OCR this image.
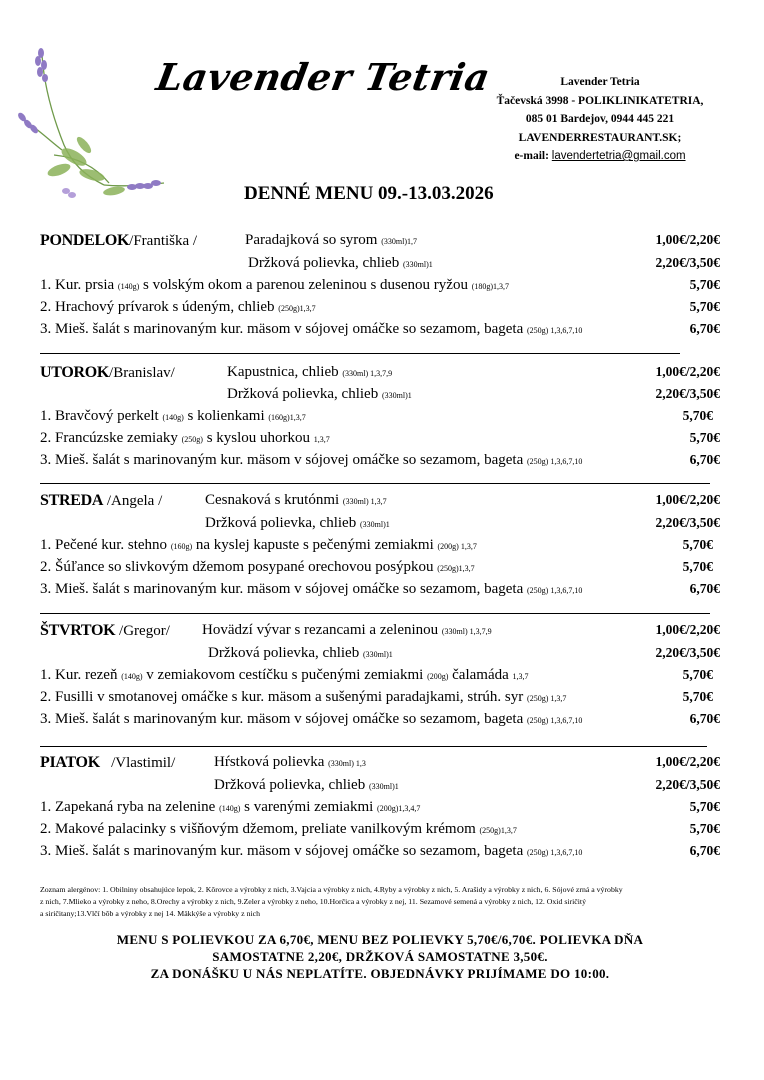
Lavender Tetria	Lavender Tetria
Ťačevská 3998 - POLIKLINIKATETRIA,
085 01 Bardejov, 0944 445 221
LAVENDERRESTAURANT.SK;
e-mail: lavendertetria@gmail.com
DENNÉ MENU 09.-13.03.2026
PONDELOK/Františka /	Paradajková so syrom (330ml)1,7	1,00€/2,20€
Držková polievka, chlieb (330ml)1	2,20€/3,50€
1. Kur. prsia (140g) s volským okom a parenou zeleninou s dusenou ryžou (180g)1,3,7	5,70€
2. Hrachový prívarok s údeným, chlieb (250g)1,3,7	5,70€
3. Mieš. šalát s marinovaným kur. mäsom v sójovej omáčke so sezamom, bageta (250g) 1,3,6,7,10	6,70€
UTOROK/Branislav/	Kapustnica, chlieb (330ml) 1,3,7,9	1,00€/2,20€
Držková polievka, chlieb (330ml)1	2,20€/3,50€
1. Bravčový perkelt (140g) s kolienkami (160g)1,3,7	5,70€
2. Francúzske zemiaky (250g) s kyslou uhorkou 1,3,7	5,70€
3. Mieš. šalát s marinovaným kur. mäsom v sójovej omáčke so sezamom, bageta (250g) 1,3,6,7,10	6,70€
STREDA /Angela /	Cesnaková s krutónmi (330ml) 1,3,7	1,00€/2,20€
Držková polievka, chlieb (330ml)1	2,20€/3,50€
1. Pečené kur. stehno (160g) na kyslej kapuste s pečenými zemiakmi (200g) 1,3,7	5,70€
2. Šúľance so slivkovým džemom posypané orechovou posýpkou (250g)1,3,7	5,70€
3. Mieš. šalát s marinovaným kur. mäsom v sójovej omáčke so sezamom, bageta (250g) 1,3,6,7,10	6,70€
ŠTVRTOK /Gregor/ Hovädzí vývar s rezancami a zeleninou (330ml) 1,3,7,9	1,00€/2,20€
Držková polievka, chlieb (330ml)1	2,20€/3,50€
1. Kur. rezeň (140g) v zemiakovom cestíčku s pučenými zemiakmi (200g) čalamáda 1,3,7	5,70€
2. Fusilli v smotanovej omáčke s kur. mäsom a sušenými paradajkami, strúh. syr (250g) 1,3,7	5,70€
3. Mieš. šalát s marinovaným kur. mäsom v sójovej omáčke so sezamom, bageta (250g) 1,3,6,7,10	6,70€
PIATOK /Vlastimil/	Hŕstková polievka (330ml) 1,3	1,00€/2,20€
Držková polievka, chlieb (330ml)1	2,20€/3,50€
1. Zapekaná ryba na zelenine (140g) s varenými zemiakmi (200g)1,3,4,7	5,70€
2. Makové palacinky s višňovým džemom, preliate vanilkovým krémom (250g)1,3,7	5,70€
3. Mieš. šalát s marinovaným kur. mäsom v sójovej omáčke so sezamom, bageta (250g) 1,3,6,7,10	6,70€
Zoznam alergénov: 1. Obilniny obsahujúce lepok, 2. Kôrovce a výrobky z nich, 3.Vajcia a výrobky z nich, 4.Ryby a výrobky z nich, 5. Arašidy a výrobky z nich, 6. Sójové zrná a výrobky
z nich, 7.Mlieko a výrobky z neho, 8.Orechy a výrobky z nich, 9.Zeler a výrobky z neho, 10.Horčica a výrobky z nej, 11. Sezamové semená a výrobky z nich, 12. Oxid siričitý
a siričitany;13.Vlčí bôb a výrobky z nej 14. Mäkkýše a výrobky z nich
MENU S POLIEVKOU ZA 6,70€, MENU BEZ POLIEVKY 5,70€/6,70€. POLIEVKA DŇA
SAMOSTATNE 2,20€, DRŽKOVÁ SAMOSTATNE 3,50€.
ZA DONÁŠKU U NÁS NEPLATÍTE. OBJEDNÁVKY PRIJÍMAME DO 10:00.
